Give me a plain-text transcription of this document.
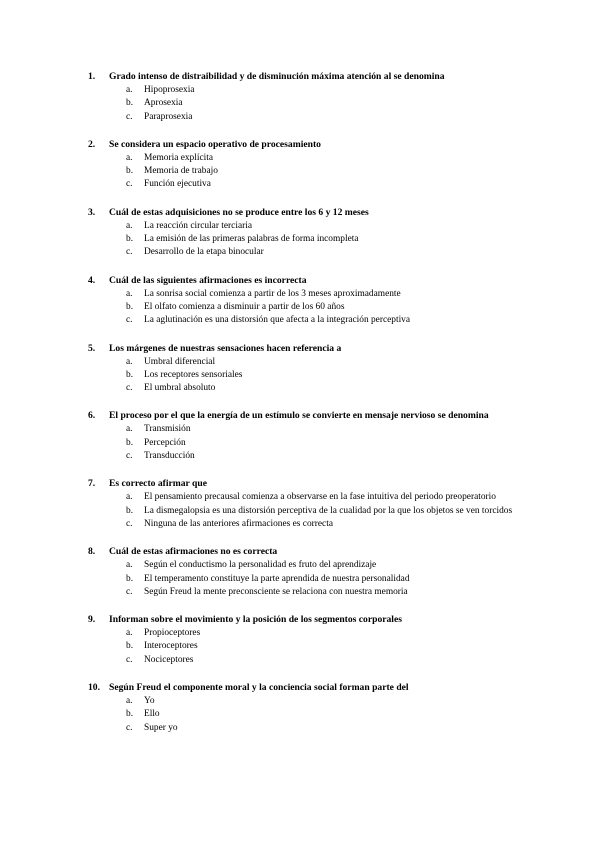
1.	Grado intenso de distraibilidad y de disminución máxima atención al se denomina
a.	Hipoprosexia
b.	Aprosexia
c.	Paraprosexia
2.	Se considera un espacio operativo de procesamiento
a.	Memoria explícita
b.	Memoria de trabajo
c.	Función ejecutiva
3.	Cuál de estas adquisiciones no se produce entre los 6 y 12 meses
a.	La reacción circular terciaria
b.	La emisión de las primeras palabras de forma incompleta
c.	Desarrollo de la etapa binocular
4.	Cuál de las siguientes afirmaciones es incorrecta
a.	La sonrisa social comienza a partir de los 3 meses aproximadamente
b.	El olfato comienza a disminuir a partir de los 60 años
c.	La aglutinación es una distorsión que afecta a la integración perceptiva
5.	Los márgenes de nuestras sensaciones hacen referencia a
a.	Umbral diferencial
b.	Los receptores sensoriales
c.	El umbral absoluto
6.	El proceso por el que la energía de un estímulo se convierte en mensaje nervioso se denomina
a.	Transmisión
b.	Percepción
c.	Transducción
7.	Es correcto afirmar que
a.	El pensamiento precausal comienza a observarse en la fase intuitiva del periodo preoperatorio
b.	La dismegalopsia es una distorsión perceptiva de la cualidad por la que los objetos se ven torcidos
c.	Ninguna de las anteriores afirmaciones es correcta
8.	Cuál de estas afirmaciones no es correcta
a.	Según el conductismo la personalidad es fruto del aprendizaje
b.	El temperamento constituye la parte aprendida de nuestra personalidad
c.	Según Freud la mente preconsciente se relaciona con nuestra memoria
9.	Informan sobre el movimiento y la posición de los segmentos corporales
a.	Propioceptores
b.	Interoceptores
c.	Nociceptores
10. Según Freud el componente moral y la conciencia social forman parte del
a.	Yo
b.	Ello
c.	Super yo
